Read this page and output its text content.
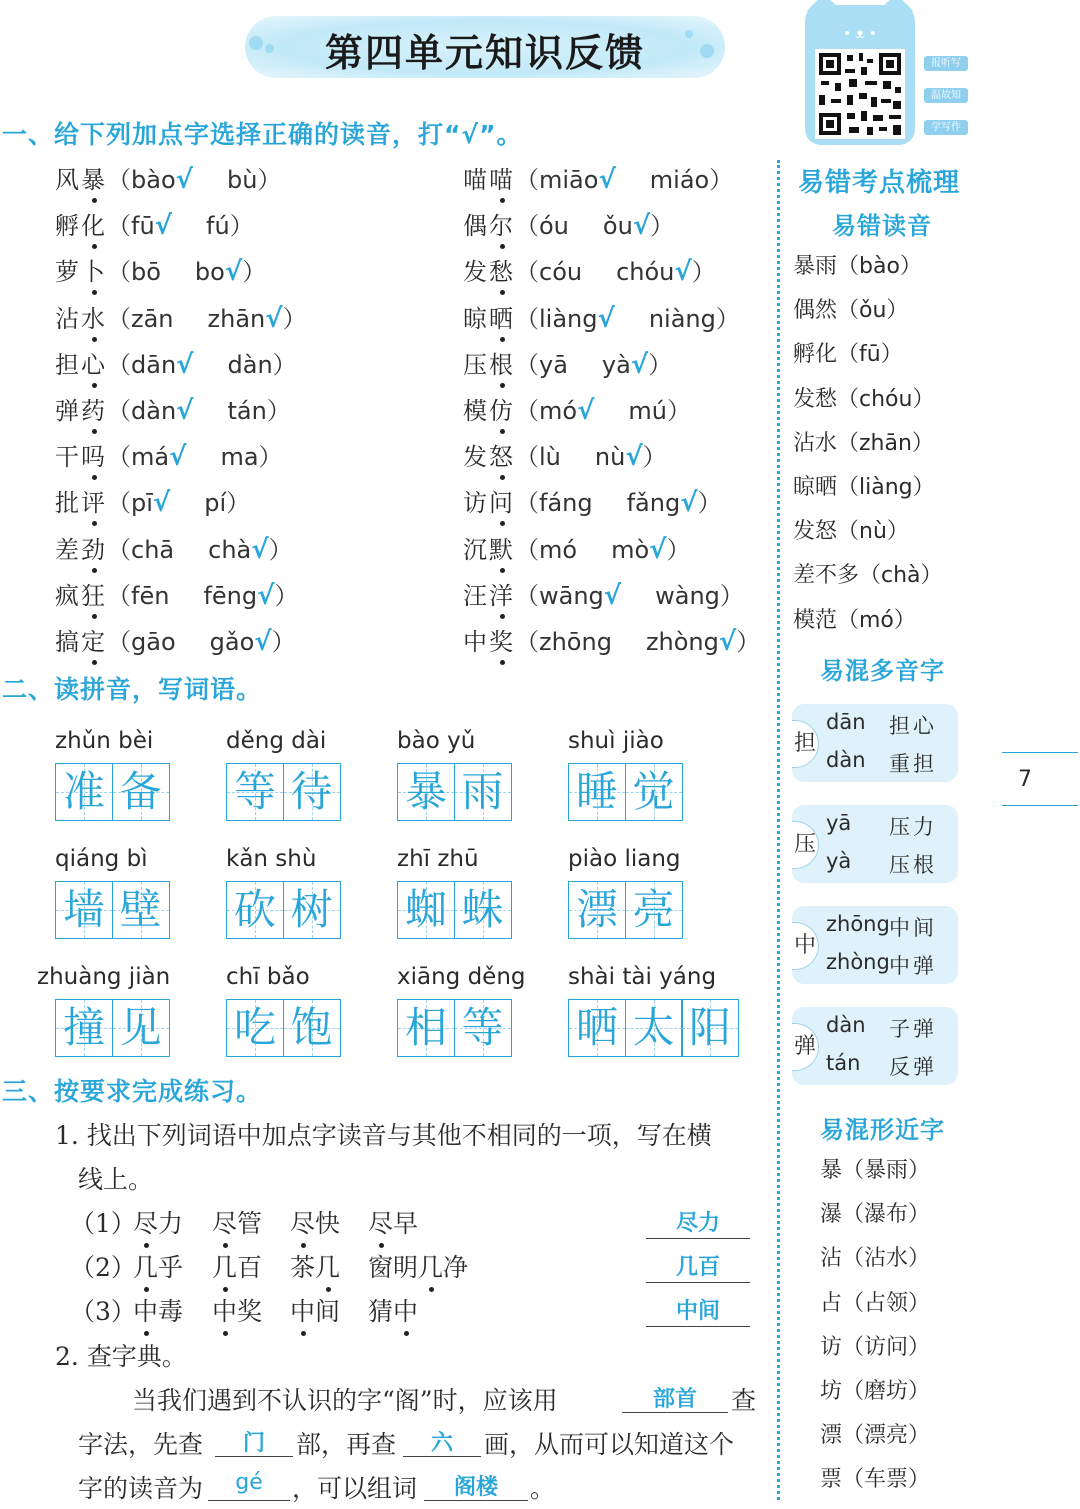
第四单元知识反馈	• ᴥ •
报听写
温故知
学写作
一、给下列加点字选择正确的读音，打“√”。
风暴（bào√ bù）
孵化（fū√ fú）
萝卜（bō bo√）
沾水（zān zhān√）
担心（dān√ dàn）
弹药（dàn√ tán）
干吗（má√ ma）
批评（pī√ pí）
差劲（chā chà√）
疯狂（fēn fēng√）
搞定（gāo gǎo√）
喵喵（miāo√ miáo）
偶尔（óu ǒu√）
发愁（cóu chóu√）
晾晒（liàng√ niàng）
压根（yā yà√）
模仿（mó√ mú）
发怒（lù nù√）
访问（fáng fǎng√）
沉默（mó mò√）
汪洋（wāng√ wàng）
中奖（zhōng zhòng√）
二、读拼音，写词语。
zhǔn bèi
准 备
děng dài
等 待
bào yǔ
暴 雨
shuì jiào
睡 觉
qiáng bì
墙 壁
kǎn shù
砍 树
zhī zhū
蜘 蛛
piào liang
漂 亮
zhuàng jiàn
撞 见
chī bǎo
吃 饱
xiāng děng
相 等
shài tài yáng
晒 太 阳
三、按要求完成练习。
1. 找出下列词语中加点字读音与其他不相同的一项，写在横
线上。
（1）
尽力 尽管 尽快 尽早	尽力
（2）
几乎 几百 茶几 窗明几净	几百
（3）
中毒 中奖 中间 猜中	中间
2. 查字典。
当我们遇到不认识的字“阁”时，应该用	部首	查
字法，先查	门	部，再查	六	画，从而可以知道这个
字的读音为	gé	，可以组词	阁楼	。
易错考点梳理
易错读音
暴雨（bào）
偶然（ǒu）
孵化（fū）
发愁（chóu）
沾水（zhān）
晾晒（liàng）
发怒（nù）
差不多（chà）
模范（mó）
易混多音字
担
dān 担心
dàn 重担
压
yā 压力
yà 压根
中
zhōng 中间
zhòng 中弹
弹
dàn 子弹
tán 反弹
易混形近字
暴（暴雨）
瀑（瀑布）
沾（沾水）
占（占领）
访（访问）
坊（磨坊）
漂（漂亮）
票（车票）
7
